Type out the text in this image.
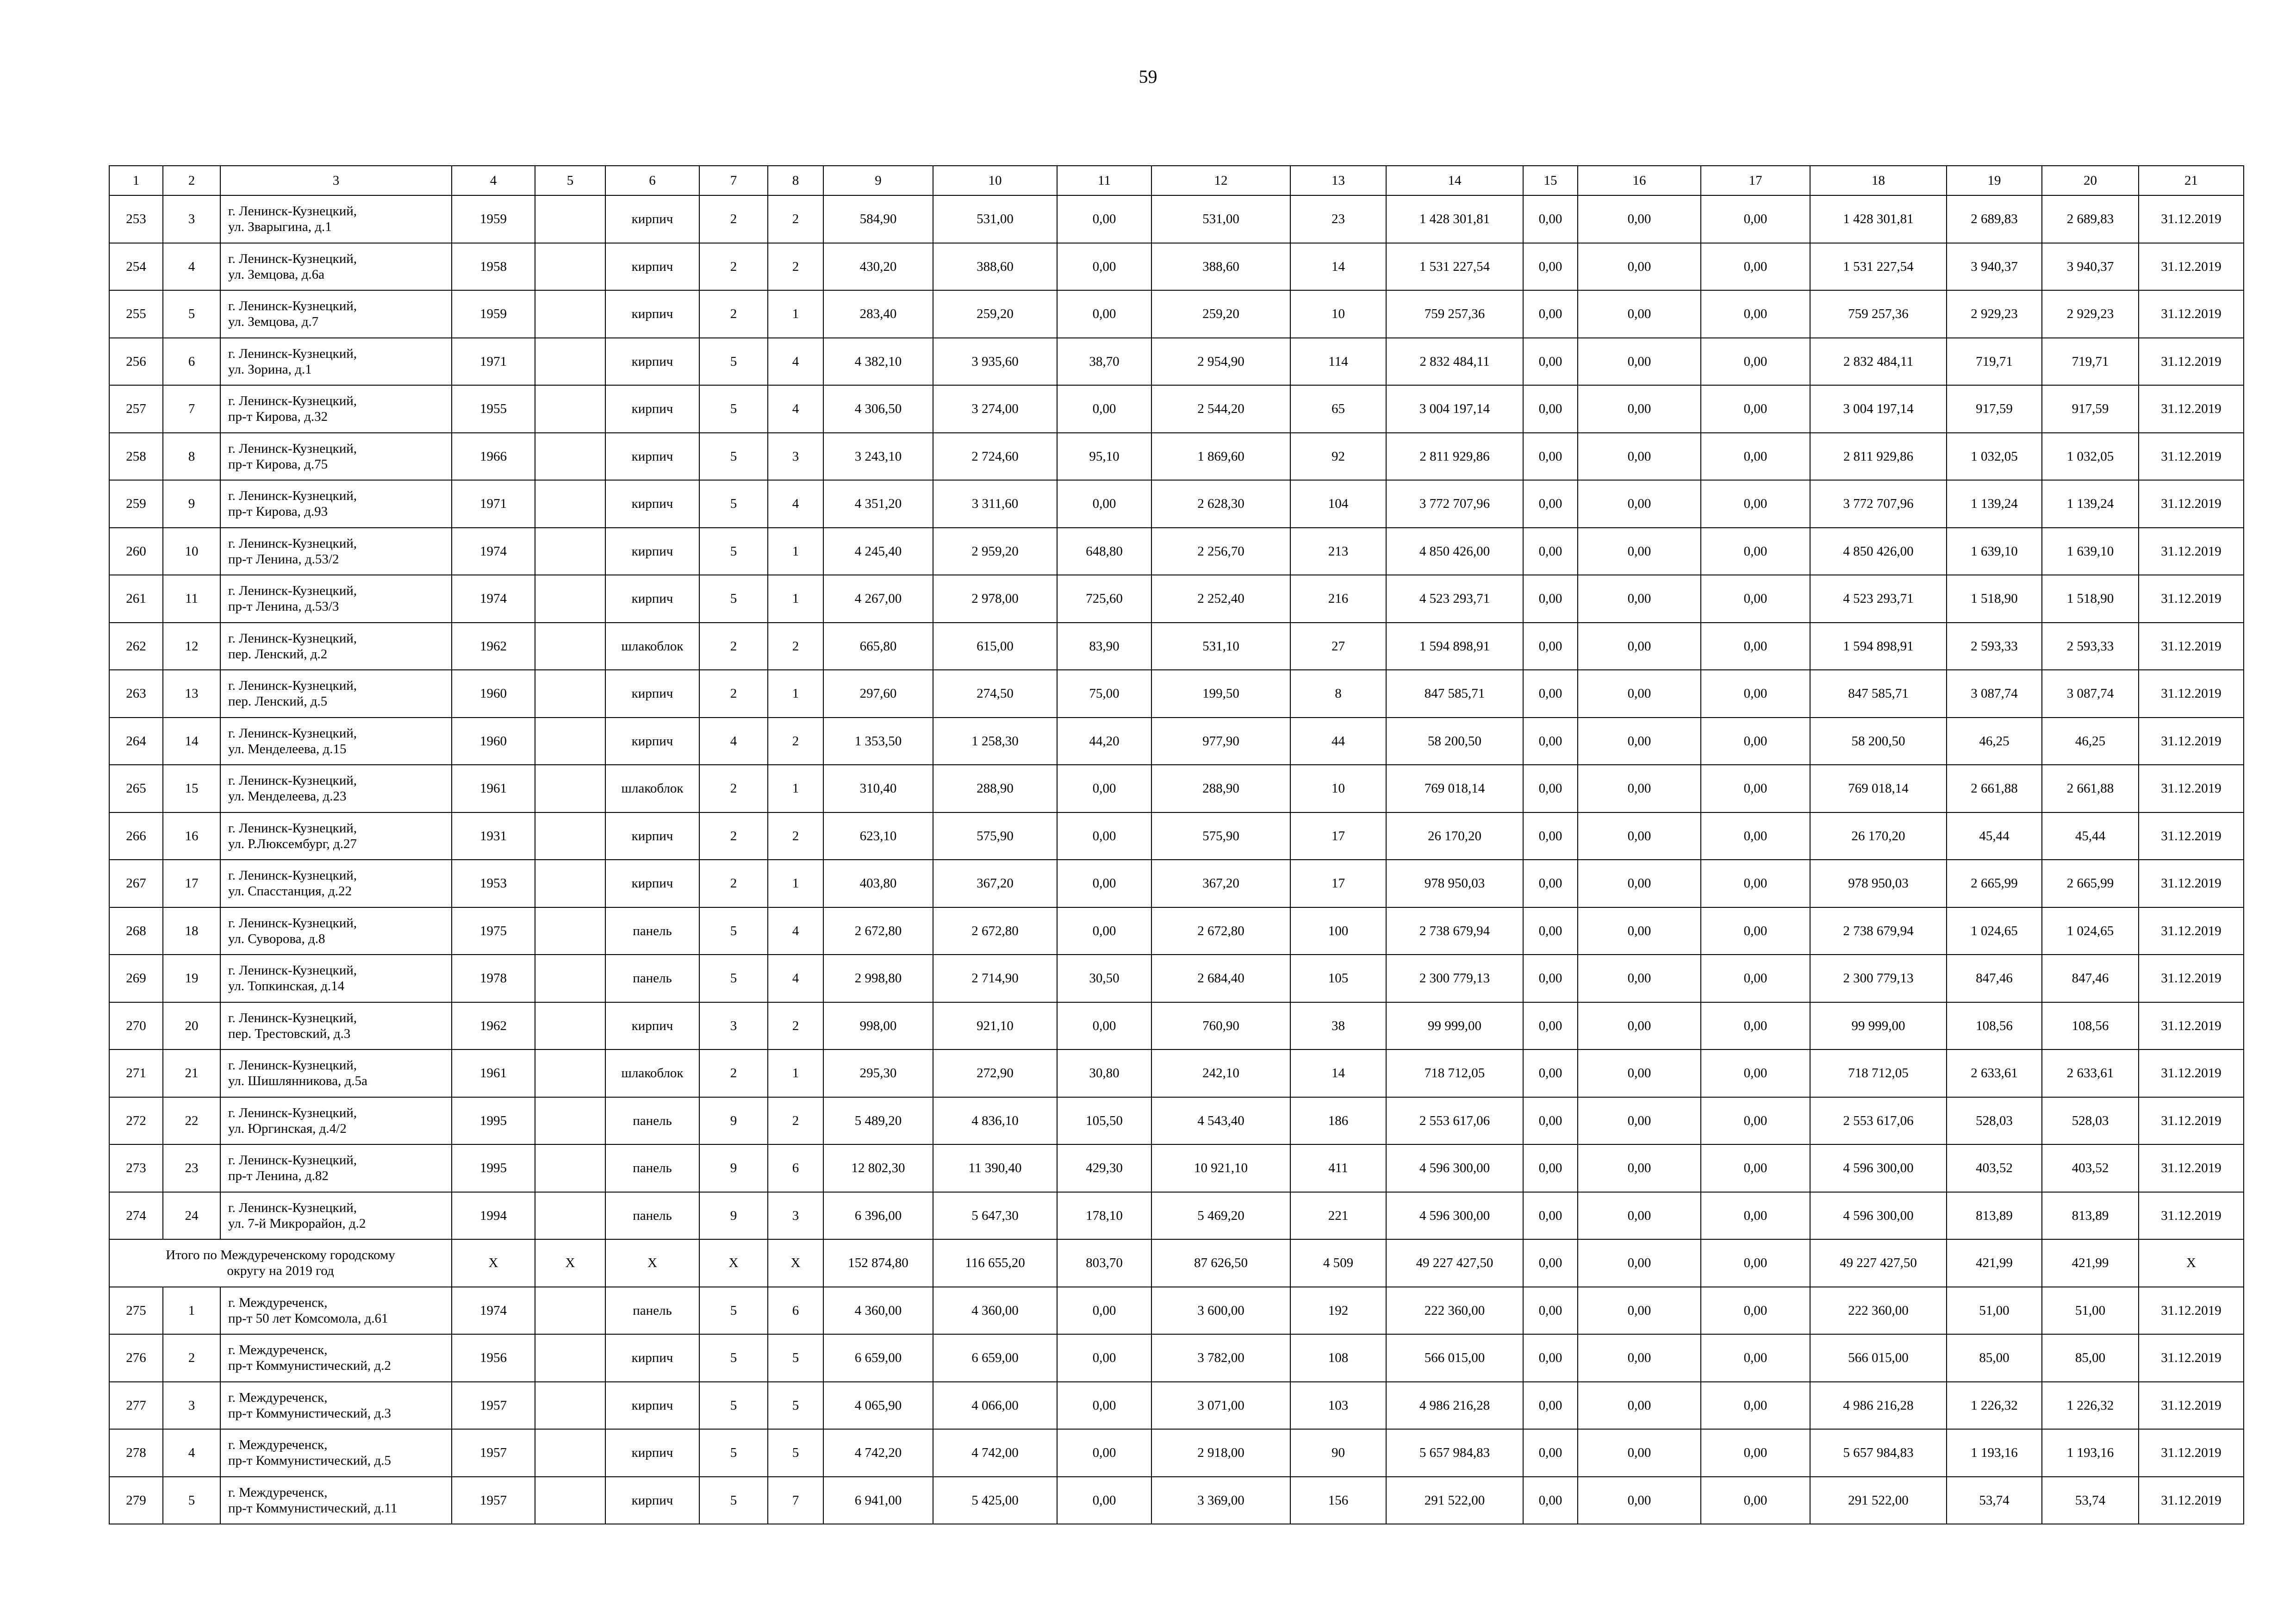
59
1	2	3	4	5	6	7	8	9	10	11	12	13	14	15	16	17	18	19	20	21
253	3	г. Ленинск-Кузнецкий,
ул. Зварыгина, д.1	1959		кирпич	2	2	584,90	531,00	0,00	531,00	23	1 428 301,81	0,00	0,00	0,00	1 428 301,81	2 689,83	2 689,83	31.12.2019
254	4	г. Ленинск-Кузнецкий,
ул. Земцова, д.6а	1958		кирпич	2	2	430,20	388,60	0,00	388,60	14	1 531 227,54	0,00	0,00	0,00	1 531 227,54	3 940,37	3 940,37	31.12.2019
255	5	г. Ленинск-Кузнецкий,
ул. Земцова, д.7	1959		кирпич	2	1	283,40	259,20	0,00	259,20	10	759 257,36	0,00	0,00	0,00	759 257,36	2 929,23	2 929,23	31.12.2019
256	6	г. Ленинск-Кузнецкий,
ул. Зорина, д.1	1971		кирпич	5	4	4 382,10	3 935,60	38,70	2 954,90	114	2 832 484,11	0,00	0,00	0,00	2 832 484,11	719,71	719,71	31.12.2019
257	7	г. Ленинск-Кузнецкий,
пр-т Кирова, д.32	1955		кирпич	5	4	4 306,50	3 274,00	0,00	2 544,20	65	3 004 197,14	0,00	0,00	0,00	3 004 197,14	917,59	917,59	31.12.2019
258	8	г. Ленинск-Кузнецкий,
пр-т Кирова, д.75	1966		кирпич	5	3	3 243,10	2 724,60	95,10	1 869,60	92	2 811 929,86	0,00	0,00	0,00	2 811 929,86	1 032,05	1 032,05	31.12.2019
259	9	г. Ленинск-Кузнецкий,
пр-т Кирова, д.93	1971		кирпич	5	4	4 351,20	3 311,60	0,00	2 628,30	104	3 772 707,96	0,00	0,00	0,00	3 772 707,96	1 139,24	1 139,24	31.12.2019
260	10	г. Ленинск-Кузнецкий,
пр-т Ленина, д.53/2	1974		кирпич	5	1	4 245,40	2 959,20	648,80	2 256,70	213	4 850 426,00	0,00	0,00	0,00	4 850 426,00	1 639,10	1 639,10	31.12.2019
261	11	г. Ленинск-Кузнецкий,
пр-т Ленина, д.53/3	1974		кирпич	5	1	4 267,00	2 978,00	725,60	2 252,40	216	4 523 293,71	0,00	0,00	0,00	4 523 293,71	1 518,90	1 518,90	31.12.2019
262	12	г. Ленинск-Кузнецкий,
пер. Ленский, д.2	1962		шлакоблок	2	2	665,80	615,00	83,90	531,10	27	1 594 898,91	0,00	0,00	0,00	1 594 898,91	2 593,33	2 593,33	31.12.2019
263	13	г. Ленинск-Кузнецкий,
пер. Ленский, д.5	1960		кирпич	2	1	297,60	274,50	75,00	199,50	8	847 585,71	0,00	0,00	0,00	847 585,71	3 087,74	3 087,74	31.12.2019
264	14	г. Ленинск-Кузнецкий,
ул. Менделеева, д.15	1960		кирпич	4	2	1 353,50	1 258,30	44,20	977,90	44	58 200,50	0,00	0,00	0,00	58 200,50	46,25	46,25	31.12.2019
265	15	г. Ленинск-Кузнецкий,
ул. Менделеева, д.23	1961		шлакоблок	2	1	310,40	288,90	0,00	288,90	10	769 018,14	0,00	0,00	0,00	769 018,14	2 661,88	2 661,88	31.12.2019
266	16	г. Ленинск-Кузнецкий,
ул. Р.Люксембург, д.27	1931		кирпич	2	2	623,10	575,90	0,00	575,90	17	26 170,20	0,00	0,00	0,00	26 170,20	45,44	45,44	31.12.2019
267	17	г. Ленинск-Кузнецкий,
ул. Спасстанция, д.22	1953		кирпич	2	1	403,80	367,20	0,00	367,20	17	978 950,03	0,00	0,00	0,00	978 950,03	2 665,99	2 665,99	31.12.2019
268	18	г. Ленинск-Кузнецкий,
ул. Суворова, д.8	1975		панель	5	4	2 672,80	2 672,80	0,00	2 672,80	100	2 738 679,94	0,00	0,00	0,00	2 738 679,94	1 024,65	1 024,65	31.12.2019
269	19	г. Ленинск-Кузнецкий,
ул. Топкинская, д.14	1978		панель	5	4	2 998,80	2 714,90	30,50	2 684,40	105	2 300 779,13	0,00	0,00	0,00	2 300 779,13	847,46	847,46	31.12.2019
270	20	г. Ленинск-Кузнецкий,
пер. Трестовский, д.3	1962		кирпич	3	2	998,00	921,10	0,00	760,90	38	99 999,00	0,00	0,00	0,00	99 999,00	108,56	108,56	31.12.2019
271	21	г. Ленинск-Кузнецкий,
ул. Шишлянникова, д.5а	1961		шлакоблок	2	1	295,30	272,90	30,80	242,10	14	718 712,05	0,00	0,00	0,00	718 712,05	2 633,61	2 633,61	31.12.2019
272	22	г. Ленинск-Кузнецкий,
ул. Юргинская, д.4/2	1995		панель	9	2	5 489,20	4 836,10	105,50	4 543,40	186	2 553 617,06	0,00	0,00	0,00	2 553 617,06	528,03	528,03	31.12.2019
273	23	г. Ленинск-Кузнецкий,
пр-т Ленина, д.82	1995		панель	9	6	12 802,30	11 390,40	429,30	10 921,10	411	4 596 300,00	0,00	0,00	0,00	4 596 300,00	403,52	403,52	31.12.2019
274	24	г. Ленинск-Кузнецкий,
ул. 7-й Микрорайон, д.2	1994		панель	9	3	6 396,00	5 647,30	178,10	5 469,20	221	4 596 300,00	0,00	0,00	0,00	4 596 300,00	813,89	813,89	31.12.2019

Итого по Междуреченскому городскому
округу на 2019 год			X	X	X	X	X	152 874,80	116 655,20	803,70	87 626,50	4 509	49 227 427,50	0,00	0,00	0,00	49 227 427,50	421,99	421,99	X
275	1	г. Междуреченск,
пр-т 50 лет Комсомола, д.61	1974		панель	5	6	4 360,00	4 360,00	0,00	3 600,00	192	222 360,00	0,00	0,00	0,00	222 360,00	51,00	51,00	31.12.2019
276	2	г. Междуреченск,
пр-т Коммунистический, д.2	1956		кирпич	5	5	6 659,00	6 659,00	0,00	3 782,00	108	566 015,00	0,00	0,00	0,00	566 015,00	85,00	85,00	31.12.2019
277	3	г. Междуреченск,
пр-т Коммунистический, д.3	1957		кирпич	5	5	4 065,90	4 066,00	0,00	3 071,00	103	4 986 216,28	0,00	0,00	0,00	4 986 216,28	1 226,32	1 226,32	31.12.2019
278	4	г. Междуреченск,
пр-т Коммунистический, д.5	1957		кирпич	5	5	4 742,20	4 742,00	0,00	2 918,00	90	5 657 984,83	0,00	0,00	0,00	5 657 984,83	1 193,16	1 193,16	31.12.2019
279	5	г. Междуреченск,
пр-т Коммунистический, д.11	1957		кирпич	5	7	6 941,00	5 425,00	0,00	3 369,00	156	291 522,00	0,00	0,00	0,00	291 522,00	53,74	53,74	31.12.2019
